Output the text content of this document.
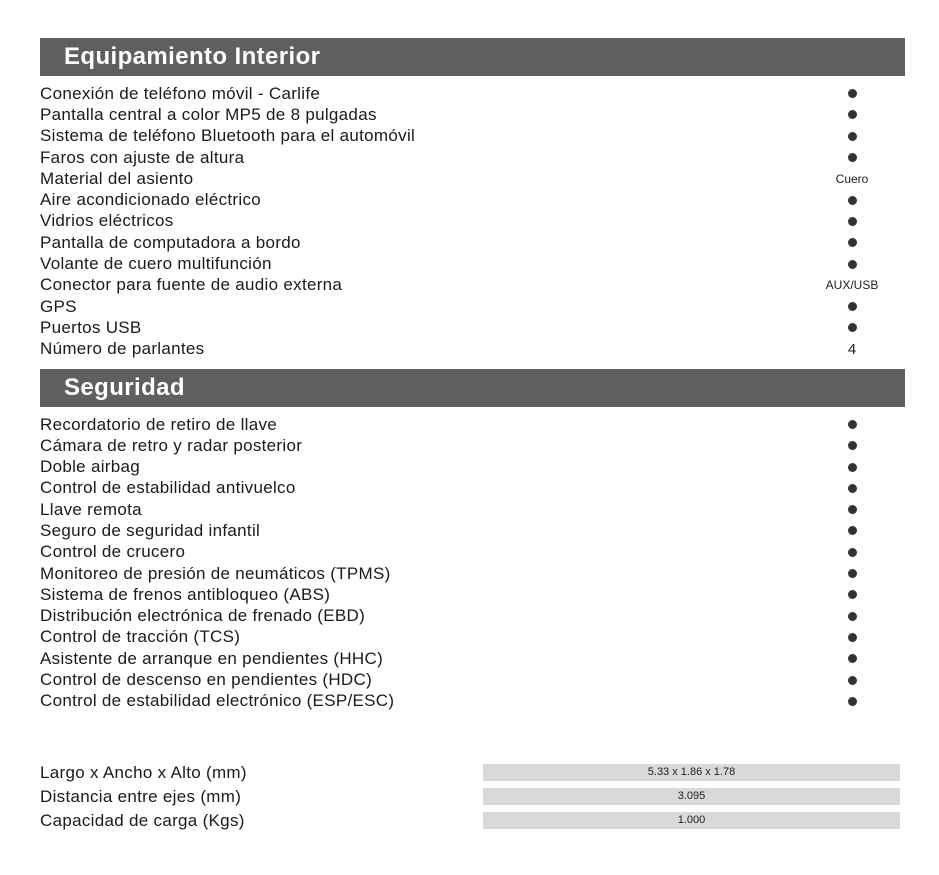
Equipamiento Interior
Conexión de teléfono móvil - Carlife
Pantalla central a color MP5 de 8 pulgadas
Sistema de teléfono Bluetooth para el automóvil
Faros con ajuste de altura
Material del asiento	Cuero
Aire acondicionado eléctrico
Vidrios eléctricos
Pantalla de computadora a bordo
Volante de cuero multifunción
Conector para fuente de audio externa	AUX/USB
GPS
Puertos USB
Número de parlantes	4
Seguridad
Recordatorio de retiro de llave
Cámara de retro y radar posterior
Doble airbag
Control de estabilidad antivuelco
Llave remota
Seguro de seguridad infantil
Control de crucero
Monitoreo de presión de neumáticos (TPMS)
Sistema de frenos antibloqueo (ABS)
Distribución electrónica de frenado (EBD)
Control de tracción (TCS)
Asistente de arranque en pendientes (HHC)
Control de descenso en pendientes (HDC)
Control de estabilidad electrónico (ESP/ESC)
Largo x Ancho x Alto (mm)	5.33 x 1.86 x 1.78
Distancia entre ejes (mm)	3.095
Capacidad de carga (Kgs)	1.000
